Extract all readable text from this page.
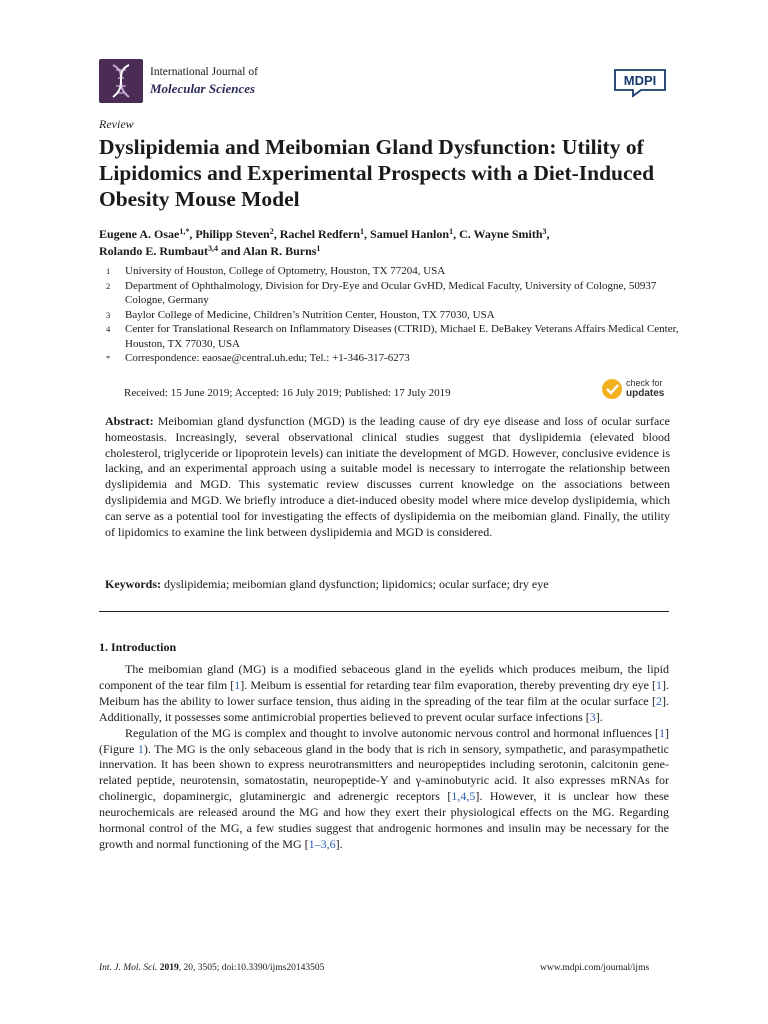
International Journal of
Molecular Sciences
MDPI
Review
Dyslipidemia and Meibomian Gland Dysfunction: Utility of Lipidomics and Experimental Prospects with a Diet-Induced Obesity Mouse Model
Eugene A. Osae$^{1,*}$, Philipp Steven$^2$, Rachel Redfern$^1$, Samuel Hanlon$^1$, C. Wayne Smith$^3$,
Rolando E. Rumbaut$^{3,4}$ and Alan R. Burns$^1$
1	University of Houston, College of Optometry, Houston, TX 77204, USA
2	Department of Ophthalmology, Division for Dry-Eye and Ocular GvHD, Medical Faculty, University of Cologne, 50937 Cologne, Germany
3	Baylor College of Medicine, Children’s Nutrition Center, Houston, TX 77030, USA
4	Center for Translational Research on Inflammatory Diseases (CTRID), Michael E. DeBakey Veterans Affairs Medical Center, Houston, TX 77030, USA
*	Correspondence: eaosae@central.uh.edu; Tel.: +1-346-317-6273
Received: 15 June 2019; Accepted: 16 July 2019; Published: 17 July 2019
check for
updates
Abstract: Meibomian gland dysfunction (MGD) is the leading cause of dry eye disease and loss of ocular surface homeostasis. Increasingly, several observational clinical studies suggest that dyslipidemia (elevated blood cholesterol, triglyceride or lipoprotein levels) can initiate the development of MGD. However, conclusive evidence is lacking, and an experimental approach using a suitable model is necessary to interrogate the relationship between dyslipidemia and MGD. This systematic review discusses current knowledge on the associations between dyslipidemia and MGD. We briefly introduce a diet-induced obesity model where mice develop dyslipidemia, which can serve as a potential tool for investigating the effects of dyslipidemia on the meibomian gland. Finally, the utility of lipidomics to examine the link between dyslipidemia and MGD is considered.
Keywords: dyslipidemia; meibomian gland dysfunction; lipidomics; ocular surface; dry eye
1. Introduction

The meibomian gland (MG) is a modified sebaceous gland in the eyelids which produces meibum, the lipid component of the tear film [1]. Meibum is essential for retarding tear film evaporation, thereby preventing dry eye [1]. Meibum has the ability to lower surface tension, thus aiding in the spreading of the tear film at the ocular surface [2]. Additionally, it possesses some antimicrobial properties believed to prevent ocular surface infections [3].

Regulation of the MG is complex and thought to involve autonomic nervous control and hormonal influences [1] (Figure 1). The MG is the only sebaceous gland in the body that is rich in sensory, sympathetic, and parasympathetic innervation. It has been shown to express neurotransmitters and neuropeptides including serotonin, calcitonin gene-related peptide, neurotensin, somatostatin, neuropeptide-Y and γ-aminobutyric acid. It also expresses mRNAs for cholinergic, dopaminergic, glutaminergic and adrenergic receptors [1,4,5]. However, it is unclear how these neurochemicals are released around the MG and how they exert their physiological effects on the MG. Regarding hormonal control of the MG, a few studies suggest that androgenic hormones and insulin may be necessary for the growth and normal functioning of the MG [1–3,6].

Int. J. Mol. Sci. 2019, 20, 3505; doi:10.3390/ijms20143505	www.mdpi.com/journal/ijms
